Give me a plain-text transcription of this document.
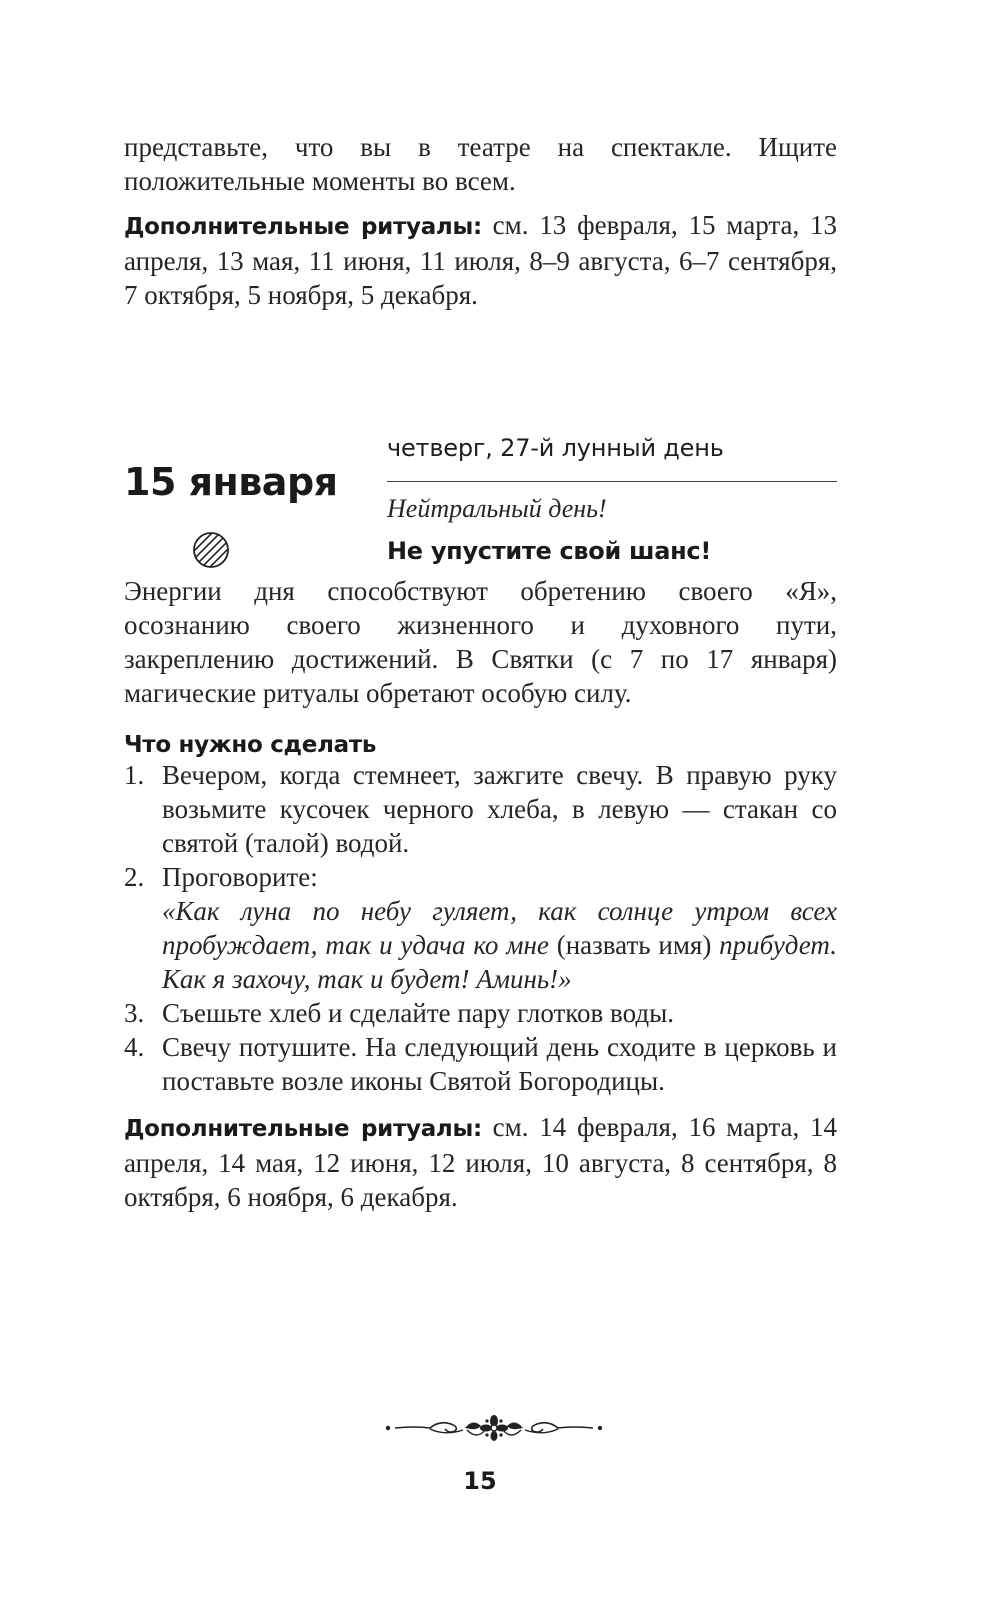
представьте, что вы в театре на спектакле. Ищите положительные моменты во всем.
Дополнительные ритуалы: см. 13 февраля, 15 марта, 13 апреля, 13 мая, 11 июня, 11 июля, 8–9 августа, 6–7 сентября, 7 октября, 5 ноября, 5 декабря.
15 января
четверг, 27-й лунный день
Нейтральный день!
Не упустите свой шанс!
Энергии дня способствуют обретению своего «Я», осознанию своего жизненного и духовного пути, закреплению достижений. В Святки (с 7 по 17 января) магические ритуалы обретают особую силу.
Что нужно сделать
1. Вечером, когда стемнеет, зажгите свечу. В правую руку возьмите кусочек черного хлеба, в левую — стакан со святой (талой) водой.
2. Проговорите:
«Как луна по небу гуляет, как солнце утром всех пробуждает, так и удача ко мне (назвать имя) прибудет. Как я захочу, так и будет! Аминь!»
3. Съешьте хлеб и сделайте пару глотков воды.
4. Свечу потушите. На следующий день сходите в церковь и поставьте возле иконы Святой Богородицы.
Дополнительные ритуалы: см. 14 февраля, 16 марта, 14 апреля, 14 мая, 12 июня, 12 июля, 10 августа, 8 сентября, 8 октября, 6 ноября, 6 декабря.
15
